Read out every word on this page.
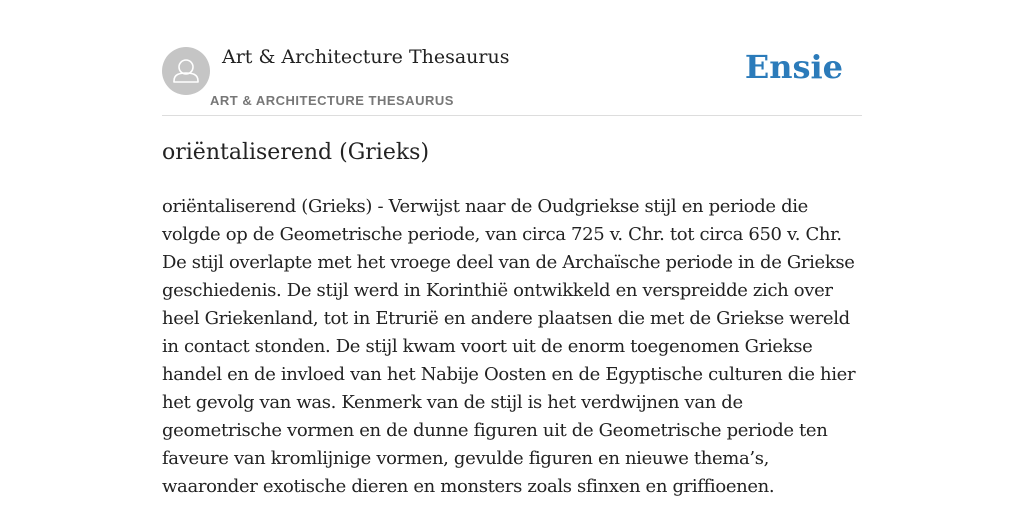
Art & Architecture Thesaurus
ART & ARCHITECTURE THESAURUS
Ensie
oriëntaliserend (Grieks)

oriëntaliserend (Grieks) - Verwijst naar de Oudgriekse stijl en periode die volgde op de Geometrische periode, van circa 725 v. Chr. tot circa 650 v. Chr. De stijl overlapte met het vroege deel van de Archaïsche periode in de Griekse geschiedenis. De stijl werd in Korinthië ontwikkeld en verspreidde zich over heel Griekenland, tot in Etrurië en andere plaatsen die met de Griekse wereld in contact stonden. De stijl kwam voort uit de enorm toegenomen Griekse handel en de invloed van het Nabije Oosten en de Egyptische culturen die hier het gevolg van was. Kenmerk van de stijl is het verdwijnen van de geometrische vormen en de dunne figuren uit de Geometrische periode ten faveure van kromlijnige vormen, gevulde figuren en nieuwe thema’s, waaronder exotische dieren en monsters zoals sfinxen en griffioenen.
